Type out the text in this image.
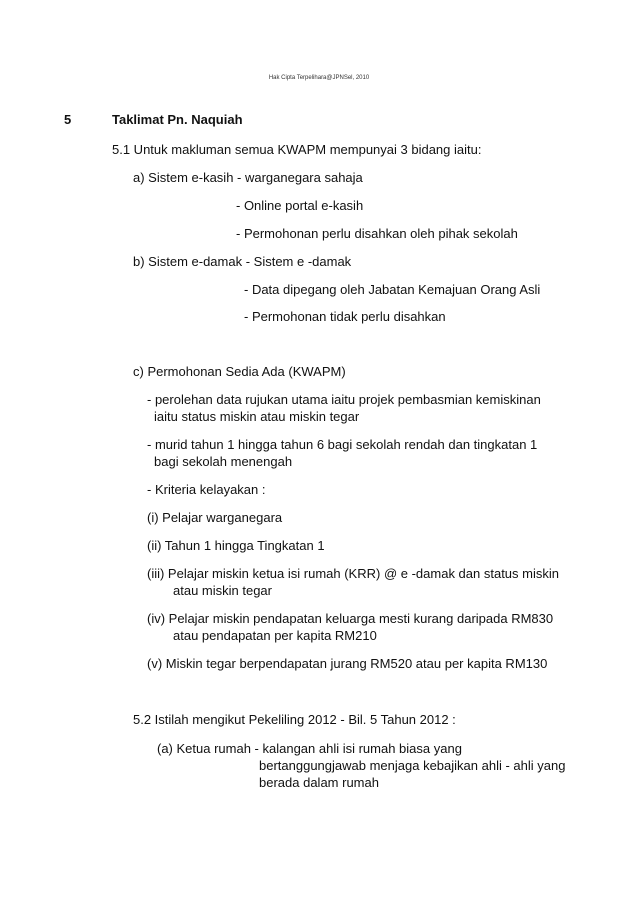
Hak Cipta Terpelihara@JPNSel, 2010
5	Taklimat Pn. Naquiah
5.1 Untuk makluman semua KWAPM mempunyai 3 bidang iaitu:
a) Sistem e-kasih - warganegara sahaja
- Online portal e-kasih
- Permohonan perlu disahkan oleh pihak sekolah
b) Sistem e-damak - Sistem e -damak
- Data dipegang oleh Jabatan Kemajuan Orang Asli
- Permohonan tidak perlu disahkan
c) Permohonan Sedia Ada (KWAPM)
- perolehan data rujukan utama iaitu projek pembasmian kemiskinan
iaitu status miskin atau miskin tegar
- murid tahun 1 hingga tahun 6 bagi sekolah rendah dan tingkatan 1
bagi sekolah menengah
- Kriteria kelayakan :
(i) Pelajar warganegara
(ii) Tahun 1 hingga Tingkatan 1
(iii) Pelajar miskin ketua isi rumah (KRR) @ e -damak dan status miskin
atau miskin tegar
(iv) Pelajar miskin pendapatan keluarga mesti kurang daripada RM830
atau pendapatan per kapita RM210
(v) Miskin tegar berpendapatan jurang RM520 atau per kapita RM130
5.2 Istilah mengikut Pekeliling 2012 - Bil. 5 Tahun 2012 :
(a) Ketua rumah - kalangan ahli isi rumah biasa yang
bertanggungjawab menjaga kebajikan ahli - ahli yang
berada dalam rumah
